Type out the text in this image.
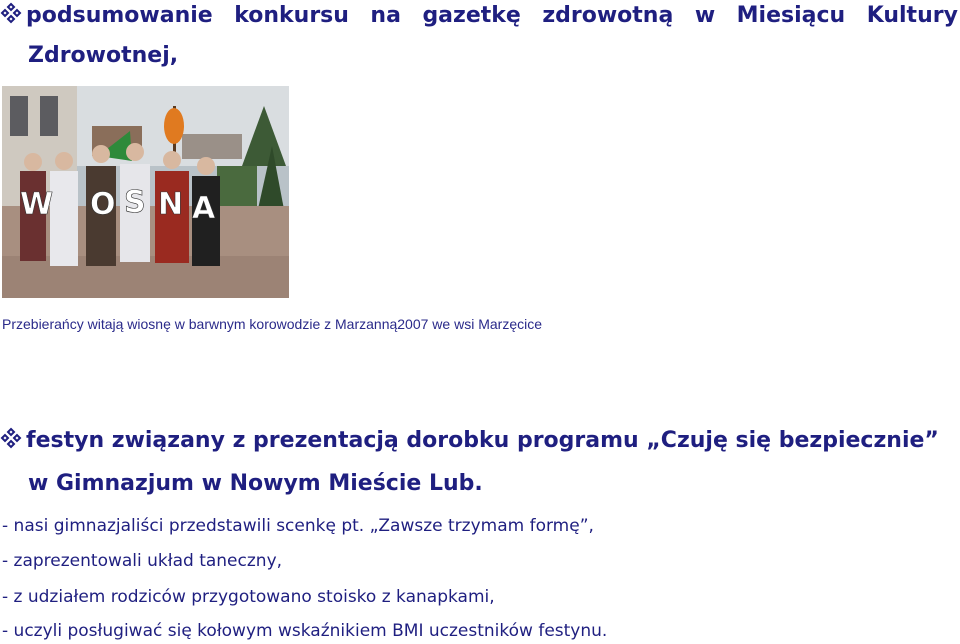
podsumowanie konkursu na gazetkę zdrowotną w Miesiącu Kultury
Zdrowotnej,
W O S N A
Przebierańcy witają wiosnę w barwnym korowodzie z Marzanną2007 we wsi Marzęcice
festyn związany z prezentacją dorobku programu „Czuję się bezpiecznie”
w Gimnazjum w Nowym Mieście Lub.
- nasi gimnazjaliści przedstawili scenkę pt. „Zawsze trzymam formę”,
- zaprezentowali układ taneczny,
- z udziałem rodziców przygotowano stoisko z kanapkami,
- uczyli posługiwać się kołowym wskaźnikiem BMI uczestników festynu.
